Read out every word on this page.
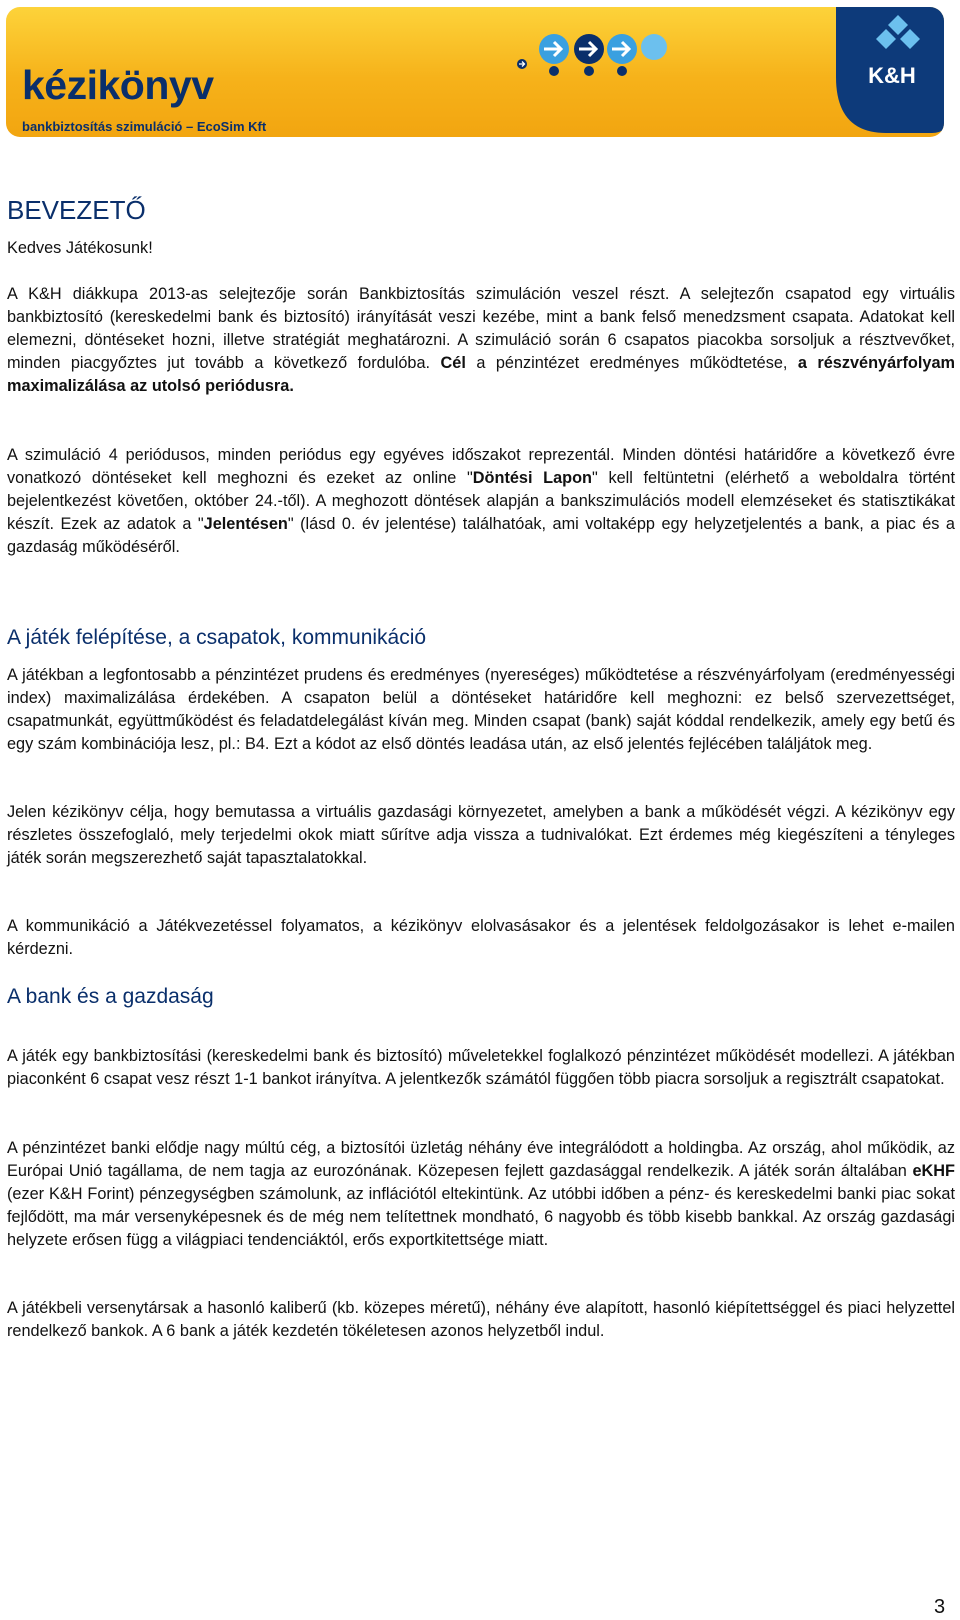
kézikönyv
bankbiztosítás szimuláció – EcoSim Kft
K&H
BEVEZETŐ

Kedves Játékosunk!

A K&H diákkupa 2013-as selejtezője során Bankbiztosítás szimuláción veszel részt. A selejtezőn csapatod egy virtuális bankbiztosító (kereskedelmi bank és biztosító) irányítását veszi kezébe, mint a bank felső menedzsment csapata. Adatokat kell elemezni, döntéseket hozni, illetve stratégiát meghatározni. A szimuláció során 6 csapatos piacokba sorsoljuk a résztvevőket, minden piacgyőztes jut tovább a következő fordulóba. Cél a pénzintézet eredményes működtetése, a részvényárfolyam maximalizálása az utolsó periódusra.

A szimuláció 4 periódusos, minden periódus egy egyéves időszakot reprezentál. Minden döntési határidőre a következő évre vonatkozó döntéseket kell meghozni és ezeket az online "Döntési Lapon" kell feltüntetni (elérhető a weboldalra történt bejelentkezést követően, október 24.-től). A meghozott döntések alapján a bankszimulációs modell elemzéseket és statisztikákat készít. Ezek az adatok a "Jelentésen" (lásd 0. év jelentése) találhatóak, ami voltaképp egy helyzetjelentés a bank, a piac és a gazdaság működéséről.

A játék felépítése, a csapatok, kommunikáció

A játékban a legfontosabb a pénzintézet prudens és eredményes (nyereséges) működtetése a részvényárfolyam (eredményességi index) maximalizálása érdekében. A csapaton belül a döntéseket határidőre kell meghozni: ez belső szervezettséget, csapatmunkát, együttműködést és feladatdelegálást kíván meg. Minden csapat (bank) saját kóddal rendelkezik, amely egy betű és egy szám kombinációja lesz, pl.: B4. Ezt a kódot az első döntés leadása után, az első jelentés fejlécében találjátok meg.

Jelen kézikönyv célja, hogy bemutassa a virtuális gazdasági környezetet, amelyben a bank a működését végzi. A kézikönyv egy részletes összefoglaló, mely terjedelmi okok miatt sűrítve adja vissza a tudnivalókat. Ezt érdemes még kiegészíteni a tényleges játék során megszerezhető saját tapasztalatokkal.

A kommunikáció a Játékvezetéssel folyamatos, a kézikönyv elolvasásakor és a jelentések feldolgozásakor is lehet e-mailen kérdezni.

A bank és a gazdaság

A játék egy bankbiztosítási (kereskedelmi bank és biztosító) műveletekkel foglalkozó pénzintézet működését modellezi. A játékban piaconként 6 csapat vesz részt 1-1 bankot irányítva. A jelentkezők számától függően több piacra sorsoljuk a regisztrált csapatokat.

A pénzintézet banki elődje nagy múltú cég, a biztosítói üzletág néhány éve integrálódott a holdingba. Az ország, ahol működik, az Európai Unió tagállama, de nem tagja az eurozónának. Közepesen fejlett gazdasággal rendelkezik. A játék során általában eKHF (ezer K&H Forint) pénzegységben számolunk, az inflációtól eltekintünk. Az utóbbi időben a pénz- és kereskedelmi banki piac sokat fejlődött, ma már versenyképesnek és de még nem telítettnek mondható, 6 nagyobb és több kisebb bankkal. Az ország gazdasági helyzete erősen függ a világpiaci tendenciáktól, erős exportkitettsége miatt.

A játékbeli versenytársak a hasonló kaliberű (kb. közepes méretű), néhány éve alapított, hasonló kiépítettséggel és piaci helyzettel rendelkező bankok. A 6 bank a játék kezdetén tökéletesen azonos helyzetből indul.

3
